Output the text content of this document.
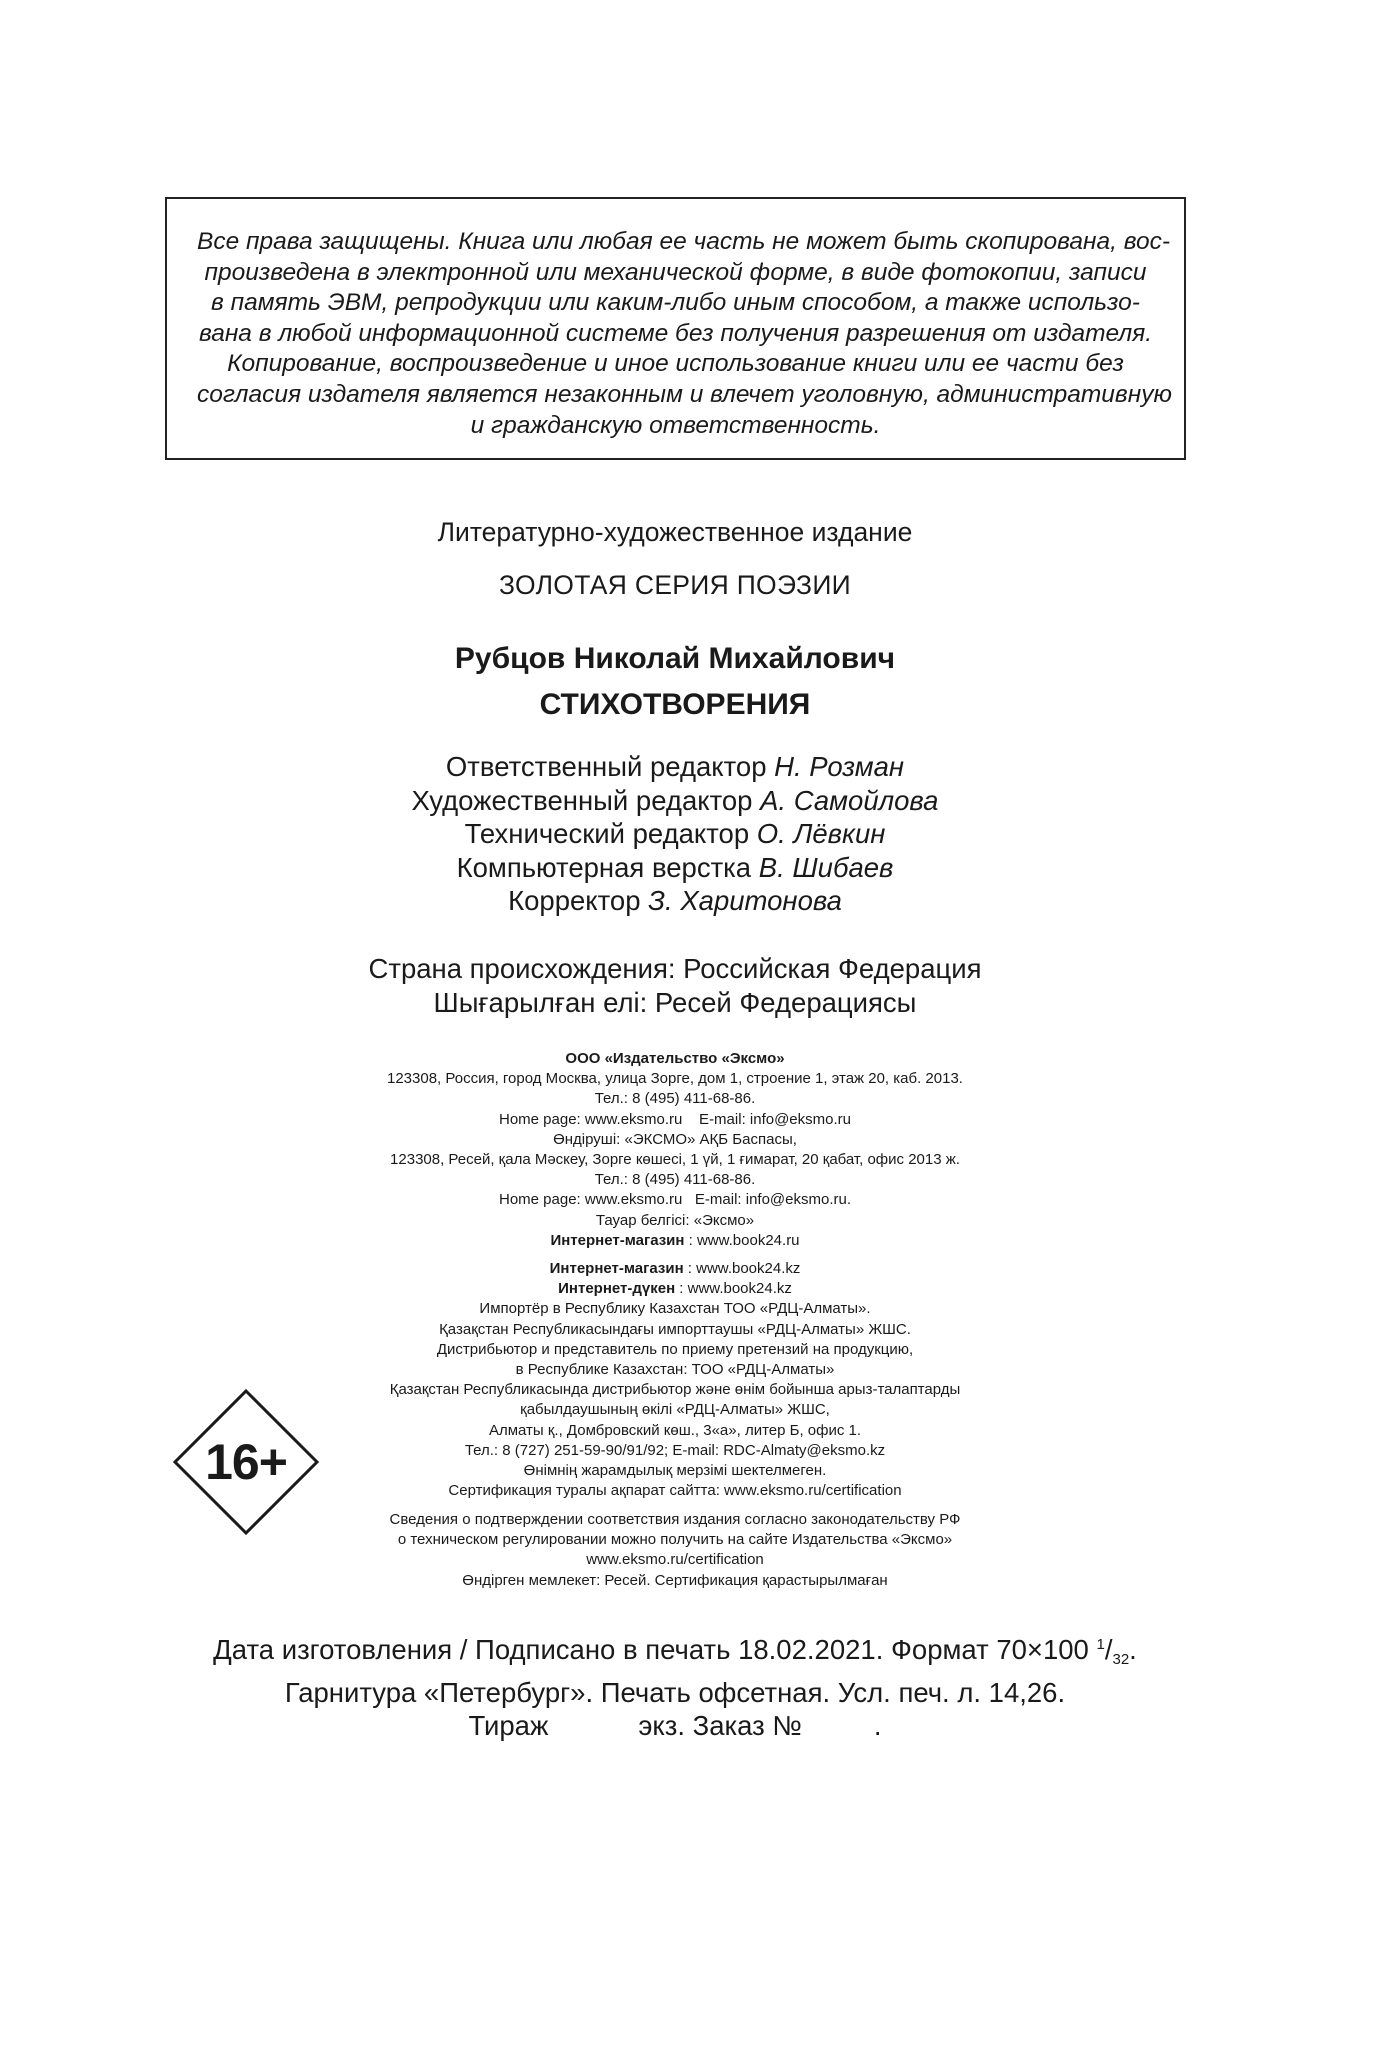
Все права защищены. Книга или любая ее часть не может быть скопирована, вос-
произведена в электронной или механической форме, в виде фотокопии, записи
в память ЭВМ, репродукции или каким-либо иным способом, а также использо-
вана в любой информационной системе без получения разрешения от издателя.
Копирование, воспроизведение и иное использование книги или ее части без
согласия издателя является незаконным и влечет уголовную, административную
и гражданскую ответственность.
Литературно-художественное издание
ЗОЛОТАЯ СЕРИЯ ПОЭЗИИ
Рубцов Николай Михайлович
СТИХОТВОРЕНИЯ
Ответственный редактор Н. Розман
Художественный редактор А. Самойлова
Технический редактор О. Лёвкин
Компьютерная верстка В. Шибаев
Корректор З. Харитонова
Страна происхождения: Российская Федерация
Шығарылған елі: Ресей Федерациясы
ООО «Издательство «Эксмо»
123308, Россия, город Москва, улица Зорге, дом 1, строение 1, этаж 20, каб. 2013.
Тел.: 8 (495) 411-68-86.
Home page: www.eksmo.ru    E-mail: info@eksmo.ru
Өндіруші: «ЭКСМО» АҚБ Баспасы,
123308, Ресей, қала Мәскеу, Зорге көшесі, 1 үй, 1 ғимарат, 20 қабат, офис 2013 ж.
Тел.: 8 (495) 411-68-86.
Home page: www.eksmo.ru   E-mail: info@eksmo.ru.
Тауар белгісі: «Эксмо»
Интернет-магазин : www.book24.ru
Интернет-магазин : www.book24.kz
Интернет-дүкен : www.book24.kz
Импортёр в Республику Казахстан ТОО «РДЦ-Алматы».
Қазақстан Республикасындағы импорттаушы «РДЦ-Алматы» ЖШС.
Дистрибьютор и представитель по приему претензий на продукцию,
в Республике Казахстан: ТОО «РДЦ-Алматы»
Қазақстан Республикасында дистрибьютор және өнім бойынша арыз-талаптарды
қабылдаушының өкілі «РДЦ-Алматы» ЖШС,
Алматы қ., Домбровский көш., 3«а», литер Б, офис 1.
Тел.: 8 (727) 251-59-90/91/92; E-mail: RDC-Almaty@eksmo.kz
Өнімнің жарамдылық мерзімі шектелмеген.
Сертификация туралы ақпарат сайтта: www.eksmo.ru/certification
Сведения о подтверждении соответствия издания согласно законодательству РФ
о техническом регулировании можно получить на сайте Издательства «Эксмо»
www.eksmo.ru/certification
Өндірген мемлекет: Ресей. Сертификация қарастырылмаған
16+
Дата изготовления / Подписано в печать 18.02.2021. Формат 70×100 $^1/_{32}$.
Гарнитура «Петербург». Печать офсетная. Усл. печ. л. 14,26.
Тираж	экз. Заказ №	.
